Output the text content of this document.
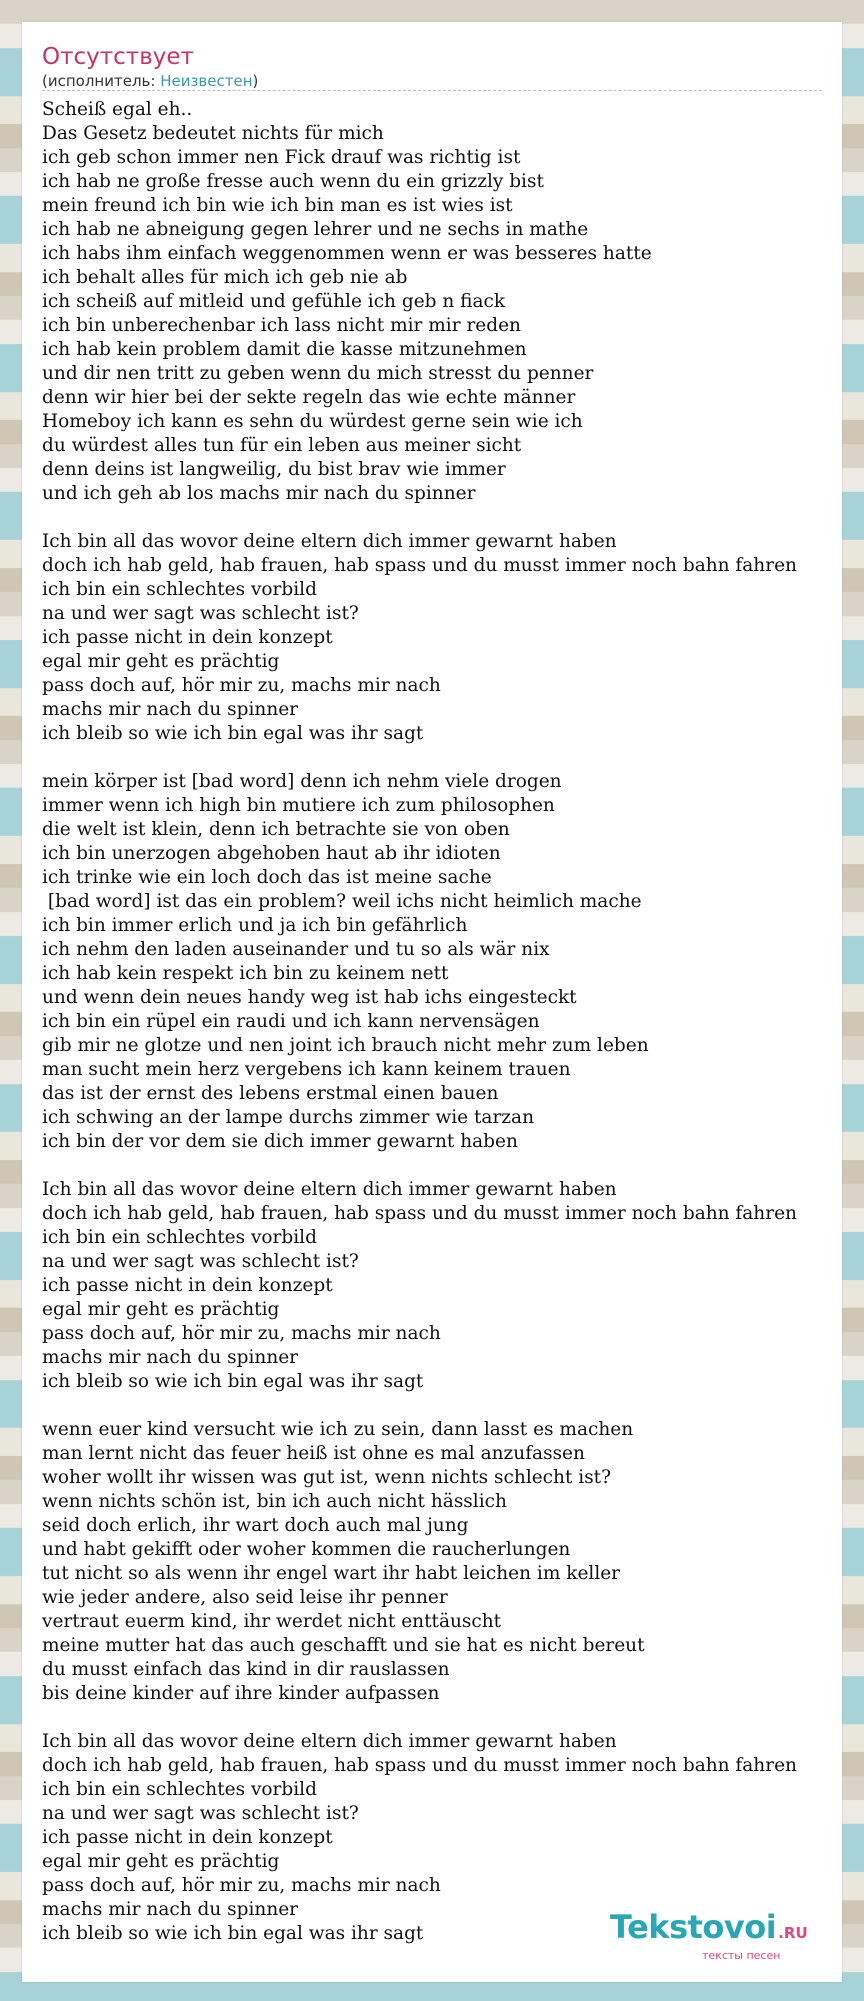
Отсутствует
(исполнитель: Неизвестен)
Scheiß egal eh..
Das Gesetz bedeutet nichts für mich
ich geb schon immer nen Fick drauf was richtig ist
ich hab ne große fresse auch wenn du ein grizzly bist
mein freund ich bin wie ich bin man es ist wies ist
ich hab ne abneigung gegen lehrer und ne sechs in mathe
ich habs ihm einfach weggenommen wenn er was besseres hatte
ich behalt alles für mich ich geb nie ab
ich scheiß auf mitleid und gefühle ich geb n fiack
ich bin unberechenbar ich lass nicht mir mir reden
ich hab kein problem damit die kasse mitzunehmen
und dir nen tritt zu geben wenn du mich stresst du penner
denn wir hier bei der sekte regeln das wie echte männer
Homeboy ich kann es sehn du würdest gerne sein wie ich
du würdest alles tun für ein leben aus meiner sicht
denn deins ist langweilig, du bist brav wie immer
und ich geh ab los machs mir nach du spinner

Ich bin all das wovor deine eltern dich immer gewarnt haben
doch ich hab geld, hab frauen, hab spass und du musst immer noch bahn fahren
ich bin ein schlechtes vorbild
na und wer sagt was schlecht ist?
ich passe nicht in dein konzept
egal mir geht es prächtig
pass doch auf, hör mir zu, machs mir nach
machs mir nach du spinner
ich bleib so wie ich bin egal was ihr sagt

mein körper ist [bad word] denn ich nehm viele drogen
immer wenn ich high bin mutiere ich zum philosophen
die welt ist klein, denn ich betrachte sie von oben
ich bin unerzogen abgehoben haut ab ihr idioten
ich trinke wie ein loch doch das ist meine sache
[bad word] ist das ein problem? weil ichs nicht heimlich mache
ich bin immer erlich und ja ich bin gefährlich
ich nehm den laden auseinander und tu so als wär nix
ich hab kein respekt ich bin zu keinem nett
und wenn dein neues handy weg ist hab ichs eingesteckt
ich bin ein rüpel ein raudi und ich kann nervensägen
gib mir ne glotze und nen joint ich brauch nicht mehr zum leben
man sucht mein herz vergebens ich kann keinem trauen
das ist der ernst des lebens erstmal einen bauen
ich schwing an der lampe durchs zimmer wie tarzan
ich bin der vor dem sie dich immer gewarnt haben

Ich bin all das wovor deine eltern dich immer gewarnt haben
doch ich hab geld, hab frauen, hab spass und du musst immer noch bahn fahren
ich bin ein schlechtes vorbild
na und wer sagt was schlecht ist?
ich passe nicht in dein konzept
egal mir geht es prächtig
pass doch auf, hör mir zu, machs mir nach
machs mir nach du spinner
ich bleib so wie ich bin egal was ihr sagt

wenn euer kind versucht wie ich zu sein, dann lasst es machen
man lernt nicht das feuer heiß ist ohne es mal anzufassen
woher wollt ihr wissen was gut ist, wenn nichts schlecht ist?
wenn nichts schön ist, bin ich auch nicht hässlich
seid doch erlich, ihr wart doch auch mal jung
und habt gekifft oder woher kommen die raucherlungen
tut nicht so als wenn ihr engel wart ihr habt leichen im keller
wie jeder andere, also seid leise ihr penner
vertraut euerm kind, ihr werdet nicht enttäuscht
meine mutter hat das auch geschafft und sie hat es nicht bereut
du musst einfach das kind in dir rauslassen
bis deine kinder auf ihre kinder aufpassen

Ich bin all das wovor deine eltern dich immer gewarnt haben
doch ich hab geld, hab frauen, hab spass und du musst immer noch bahn fahren
ich bin ein schlechtes vorbild
na und wer sagt was schlecht ist?
ich passe nicht in dein konzept
egal mir geht es prächtig
pass doch auf, hör mir zu, machs mir nach
machs mir nach du spinner
ich bleib so wie ich bin egal was ihr sagt	Tekstovoi .RU
тексты песен
